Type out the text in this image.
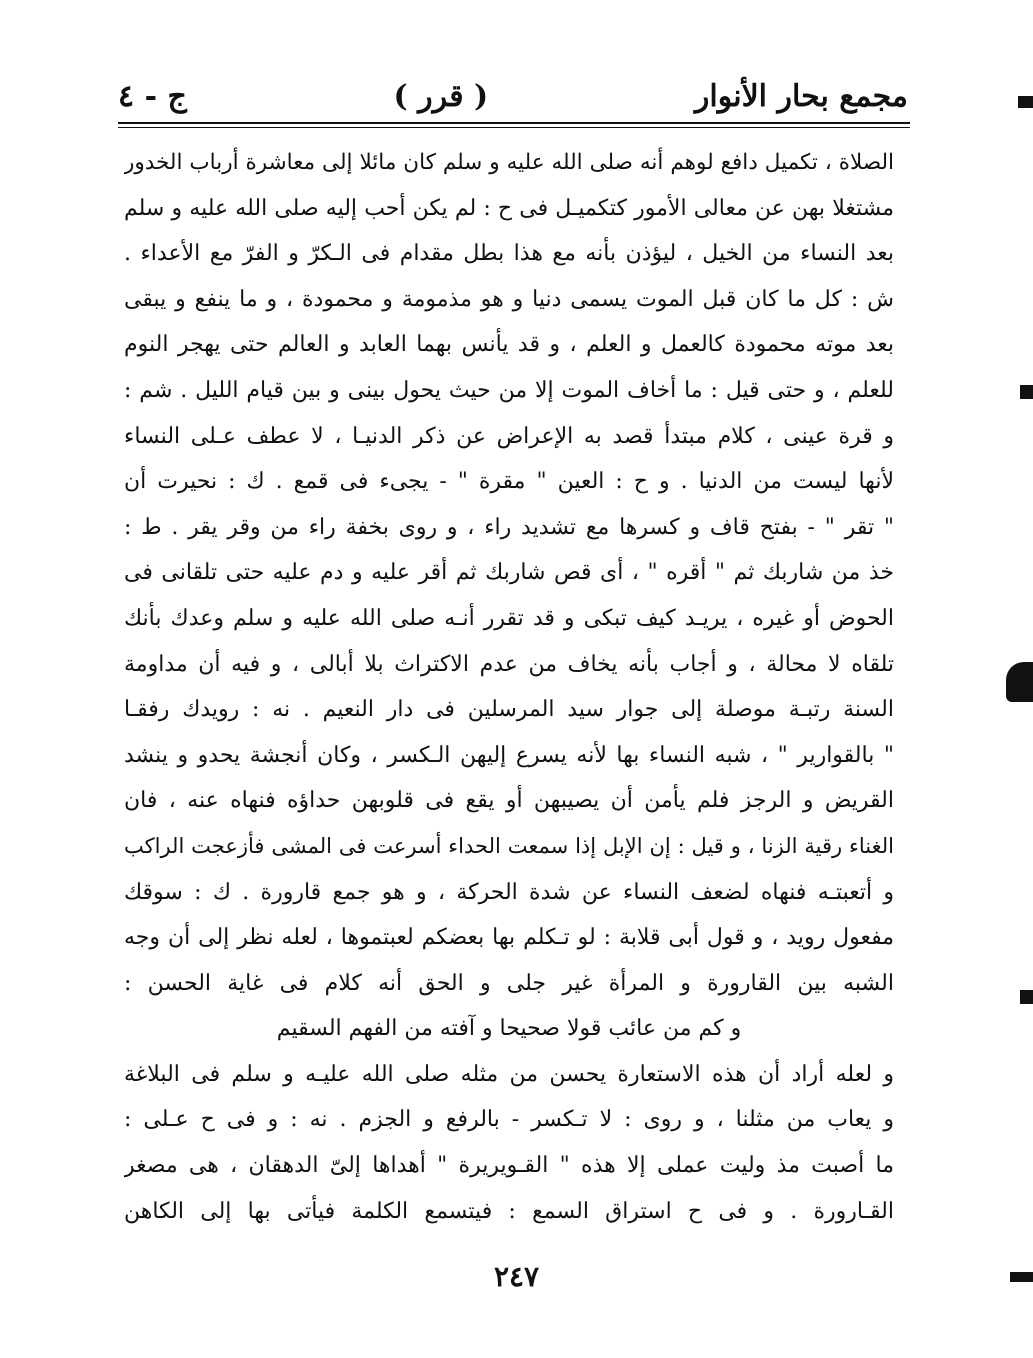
مجمع بحار الأنوار
( قرر )
ج - ٤
الصلاة ، تكميل دافع لوهم أنه صلى الله عليه و سلم كان مائلا إلى معاشرة أرباب الخدور
مشتغلا بهن عن معالى الأمور كتكميـل فى ح : لم يكن أحب إليه صلى الله عليه و سلم
بعد النساء من الخيل ، ليؤذن بأنه مع هذا بطل مقدام فى الـكرّ و الفرّ مع الأعداء .
ش : كل ما كان قبل الموت يسمى دنيا و هو مذمومة و محمودة ، و ما ينفع و يبقى
بعد موته محمودة كالعمل و العلم ، و قد يأنس بهما العابد و العالم حتى يهجر النوم
للعلم ، و حتى قيل : ما أخاف الموت إلا من حيث يحول بينى و بين قيام الليل . شم :
و قرة عينى ، كلام مبتدأ قصد به الإعراض عن ذكر الدنيـا ، لا عطف عـلى النساء
لأنها ليست من الدنيا . و ح : العين " مقرة " - يجىء فى قمع . ك : نحيرت أن
" تقر " - بفتح قاف و كسرها مع تشديد راء ، و روى بخفة راء من وقر يقر . ط :
خذ من شاربك ثم " أقره " ، أى قص شاربك ثم أقر عليه و دم عليه حتى تلقانى فى
الحوض أو غيره ، يريـد كيف تبكى و قد تقرر أنـه صلى الله عليه و سلم وعدك بأنك
تلقاه لا محالة ، و أجاب بأنه يخاف من عدم الاكتراث بلا أبالى ، و فيه أن مداومة
السنة رتبـة موصلة إلى جوار سيد المرسلين فى دار النعيم . نه : رويدك رفقـا
" بالقوارير " ، شبه النساء بها لأنه يسرع إليهن الـكسر ، وكان أنجشة يحدو و ينشد
القريض و الرجز فلم يأمن أن يصيبهن أو يقع فى قلوبهن حداؤه فنهاه عنه ، فان
الغناء رقية الزنا ، و قيل : إن الإبل إذا سمعت الحداء أسرعت فى المشى فأزعجت الراكب
و أتعبتـه فنهاه لضعف النساء عن شدة الحركة ، و هو جمع قارورة . ك : سوقك
مفعول رويد ، و قول أبى قلابة : لو تـكلم بها بعضكم لعبتموها ، لعله نظر إلى أن وجه
الشبه بين القارورة و المرأة غير جلى و الحق أنه كلام فى غاية الحسن :
و كم من عائب قولا صحيحا و آفته من الفهم السقيم
و لعله أراد أن هذه الاستعارة يحسن من مثله صلى الله عليـه و سلم فى البلاغة
و يعاب من مثلنا ، و روى : لا تـكسر - بالرفع و الجزم . نه : و فى ح عـلى :
ما أصبت مذ وليت عملى إلا هذه " القـويريرة " أهداها إلىّ الدهقان ، هى مصغر
القـارورة . و فى ح استراق السمع : فيتسمع الكلمة فيأتى بها إلى الكاهن
٢٤٧
